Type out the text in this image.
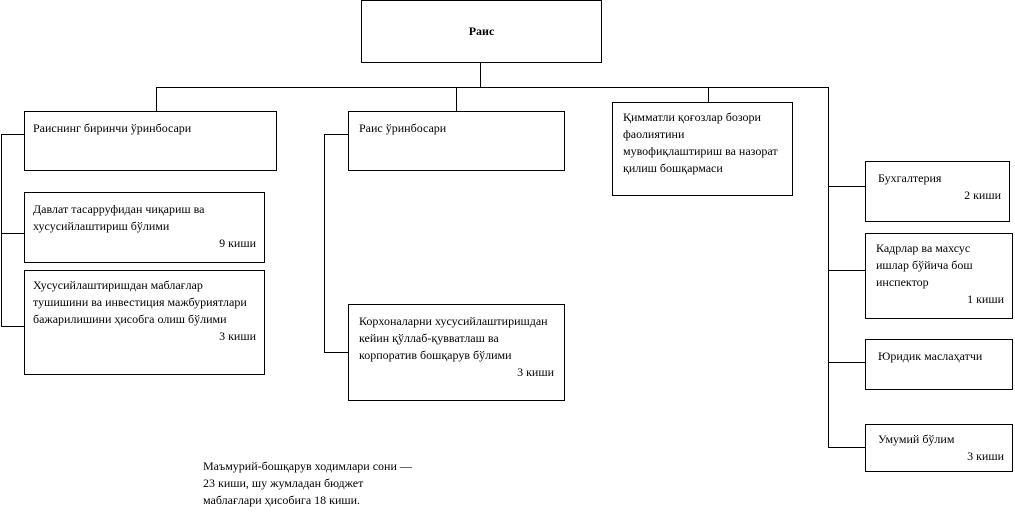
Раис
Раиснинг биринчи ўринбосари	Раис ўринбосари
Қимматли қоғозлар бозори фаолиятини мувофиқлаштириш ва назорат қилиш бошқармаси
Давлат тасарруфидан чиқариш ва хусусийлаштириш бўлими
9 киши
Хусусийлаштиришдан маблағлар тушишини ва инвестиция мажбуриятлари бажарилишини ҳисобга олиш бўлими
3 киши
Корхоналарни хусусийлаштиришдан кейин қўллаб-қувватлаш ва корпоратив бошқарув бўлими
3 киши
Бухгалтерия
2 киши
Кадрлар ва махсус ишлар бўйича бош инспектор
1 киши
Юридик маслаҳатчи
Умумий бўлим
3 киши
Маъмурий-бошқарув ходимлари сони —
23 киши, шу жумладан бюджет
маблағлари ҳисобига 18 киши.
